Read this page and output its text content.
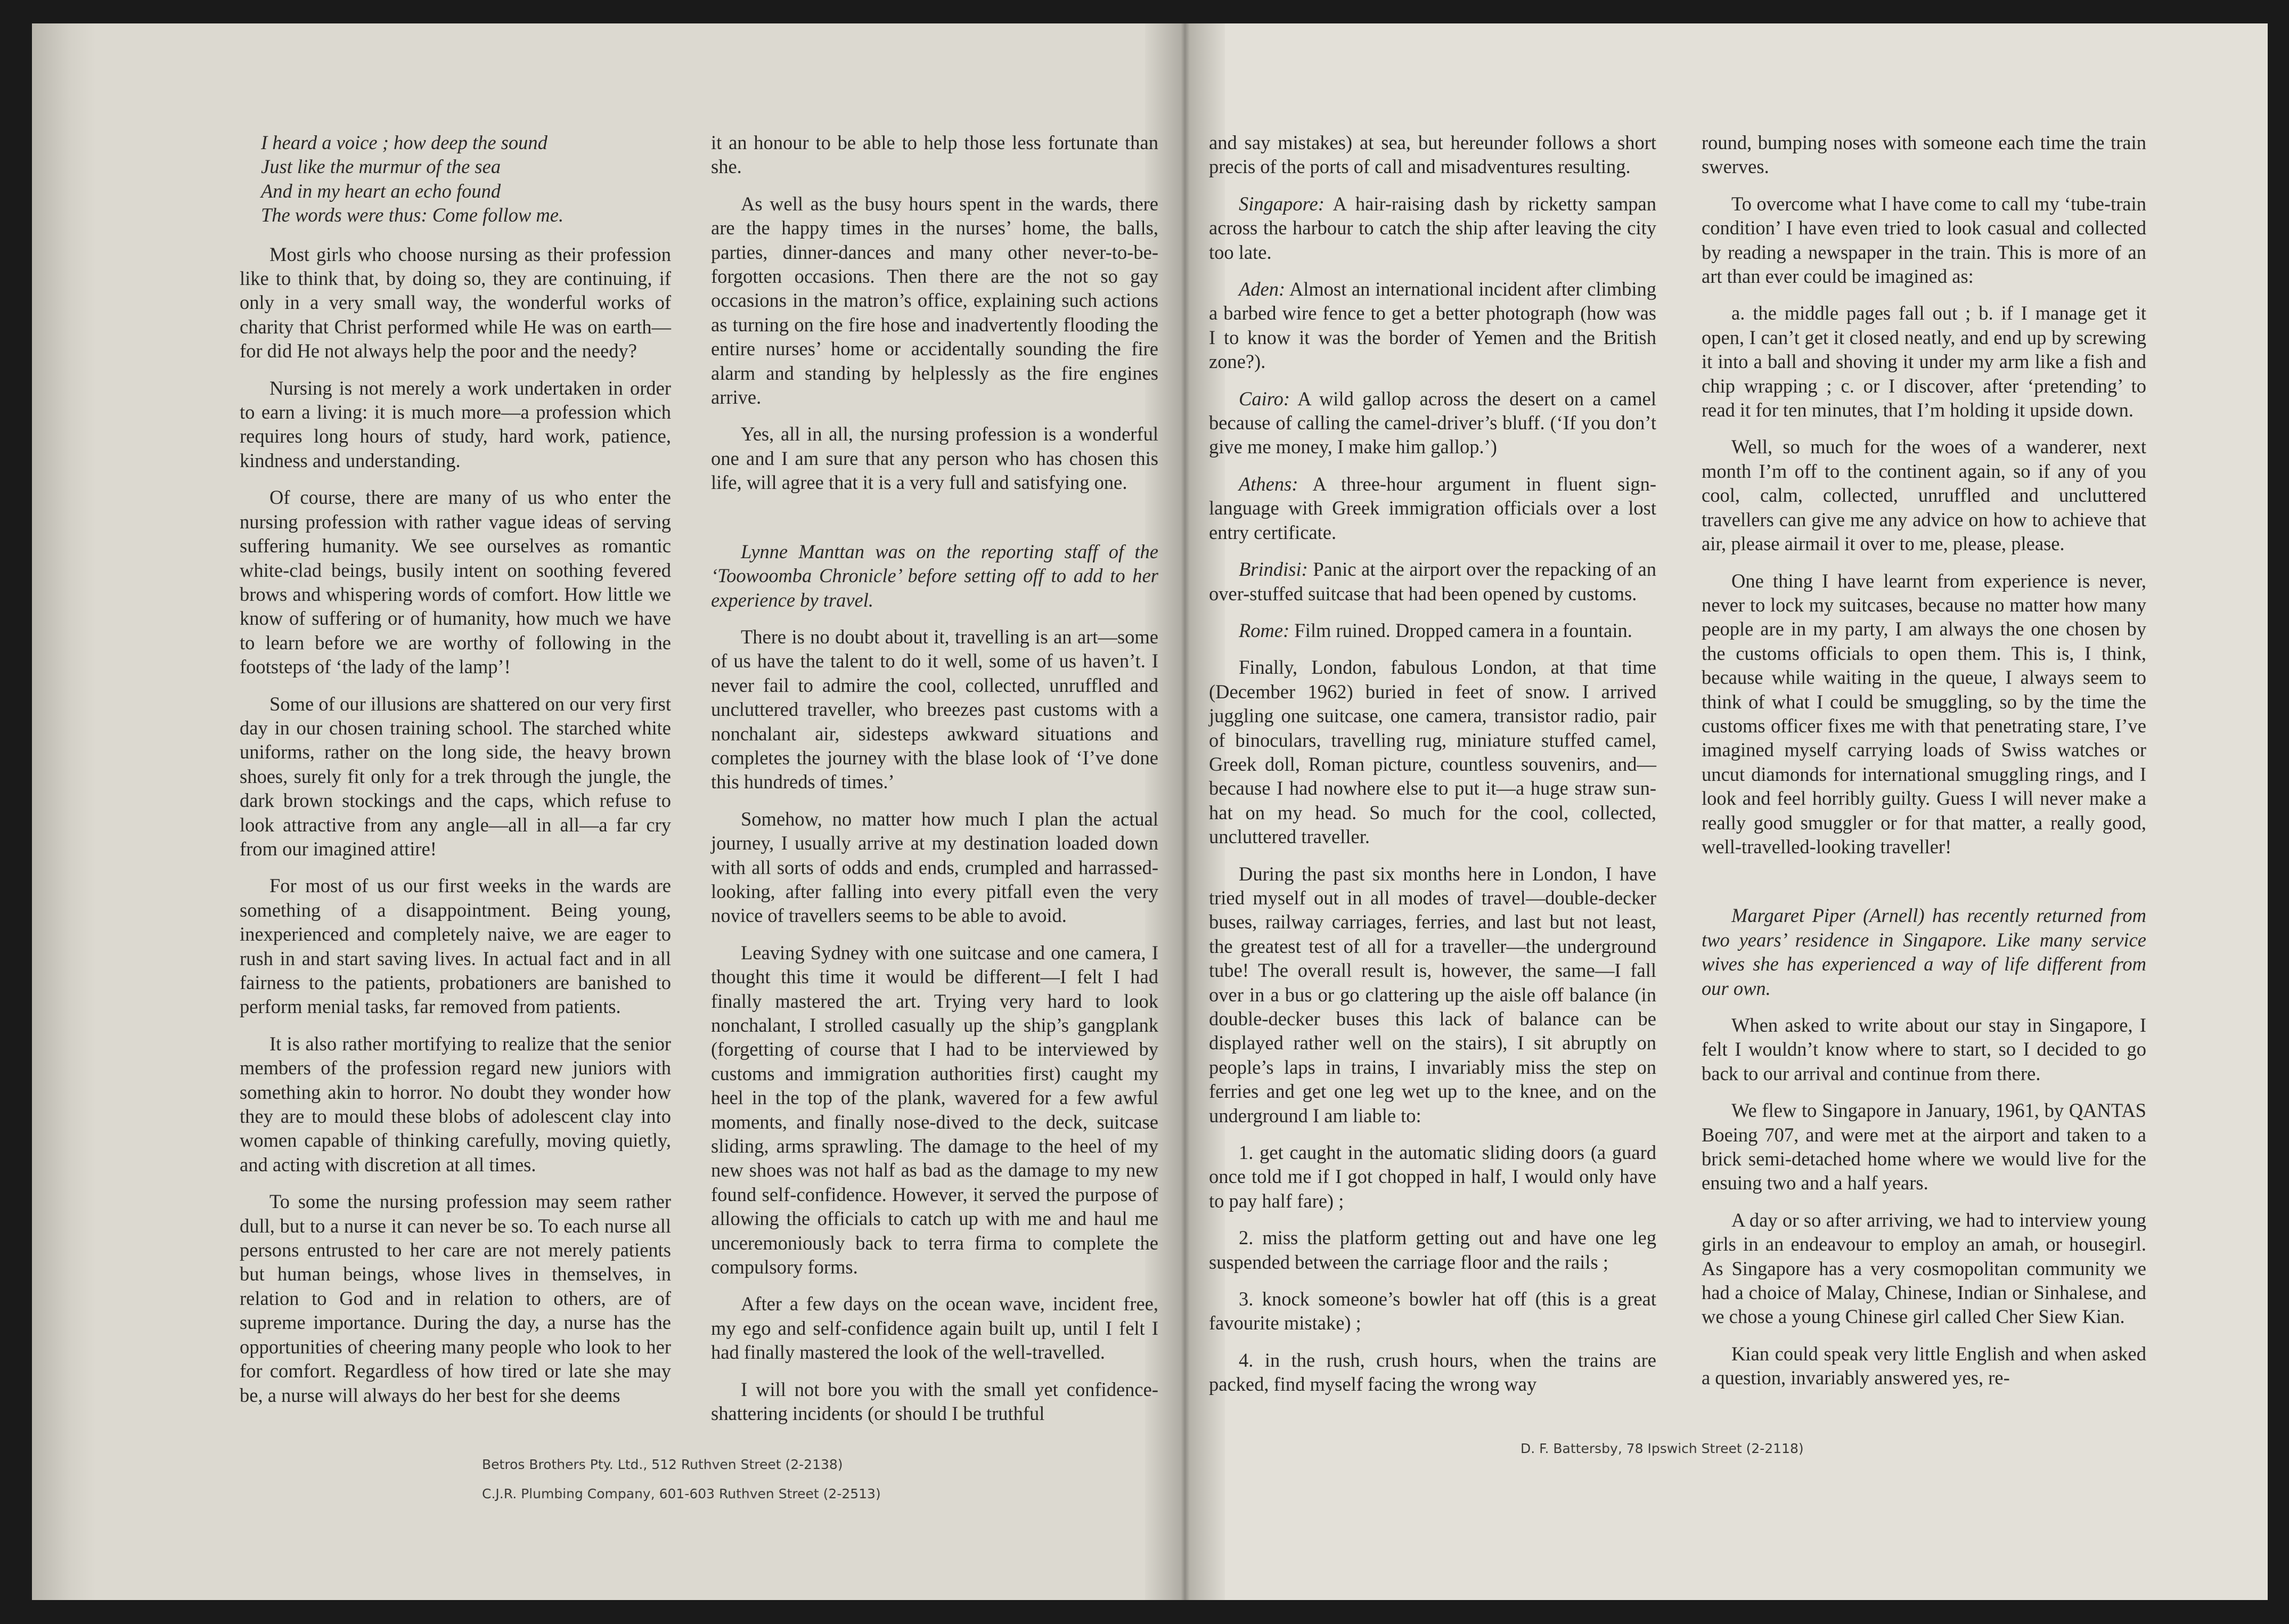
I heard a voice ; how deep the sound
Just like the murmur of the sea
And in my heart an echo found
The words were thus: Come follow me.

Most girls who choose nursing as their profession like to think that, by doing so, they are continuing, if only in a very small way, the wonderful works of charity that Christ performed while He was on earth—for did He not always help the poor and the needy?

Nursing is not merely a work undertaken in order to earn a living: it is much more—a profession which requires long hours of study, hard work, patience, kindness and understanding.

Of course, there are many of us who enter the nursing profession with rather vague ideas of serving suffering humanity. We see ourselves as romantic white-clad beings, busily intent on soothing fevered brows and whispering words of comfort. How little we know of suffering or of humanity, how much we have to learn before we are worthy of following in the footsteps of ‘the lady of the lamp’!

Some of our illusions are shattered on our very first day in our chosen training school. The starched white uniforms, rather on the long side, the heavy brown shoes, surely fit only for a trek through the jungle, the dark brown stockings and the caps, which refuse to look attractive from any angle—all in all—a far cry from our imagined attire!

For most of us our first weeks in the wards are something of a disappointment. Being young, inexperienced and completely naive, we are eager to rush in and start saving lives. In actual fact and in all fairness to the patients, probationers are banished to perform menial tasks, far removed from patients.

It is also rather mortifying to realize that the senior members of the profession regard new juniors with something akin to horror. No doubt they wonder how they are to mould these blobs of adolescent clay into women capable of thinking carefully, moving quietly, and acting with discretion at all times.

To some the nursing profession may seem rather dull, but to a nurse it can never be so. To each nurse all persons entrusted to her care are not merely patients but human beings, whose lives in themselves, in relation to God and in relation to others, are of supreme importance. During the day, a nurse has the opportunities of cheering many people who look to her for comfort. Regardless of how tired or late she may be, a nurse will always do her best for she deems

it an honour to be able to help those less fortunate than she.

As well as the busy hours spent in the wards, there are the happy times in the nurses’ home, the balls, parties, dinner-dances and many other never-to-be-forgotten occasions. Then there are the not so gay occasions in the matron’s office, explaining such actions as turning on the fire hose and inadvertently flooding the entire nurses’ home or accidentally sounding the fire alarm and standing by helplessly as the fire engines arrive.

Yes, all in all, the nursing profession is a wonderful one and I am sure that any person who has chosen this life, will agree that it is a very full and satisfying one.

Lynne Manttan was on the reporting staff of the ‘Toowoomba Chronicle’ before setting off to add to her experience by travel.

There is no doubt about it, travelling is an art—some of us have the talent to do it well, some of us haven’t. I never fail to admire the cool, collected, unruffled and uncluttered traveller, who breezes past customs with a nonchalant air, sidesteps awkward situations and completes the journey with the blase look of ‘I’ve done this hundreds of times.’

Somehow, no matter how much I plan the actual journey, I usually arrive at my destination loaded down with all sorts of odds and ends, crumpled and harrassed-looking, after falling into every pitfall even the very novice of travellers seems to be able to avoid.

Leaving Sydney with one suitcase and one camera, I thought this time it would be different—I felt I had finally mastered the art. Trying very hard to look nonchalant, I strolled casually up the ship’s gangplank (forgetting of course that I had to be interviewed by customs and immigration authorities first) caught my heel in the top of the plank, wavered for a few awful moments, and finally nose-dived to the deck, suitcase sliding, arms sprawling. The damage to the heel of my new shoes was not half as bad as the damage to my new found self-confidence. However, it served the purpose of allowing the officials to catch up with me and haul me unceremoniously back to terra firma to complete the compulsory forms.

After a few days on the ocean wave, incident free, my ego and self-confidence again built up, until I felt I had finally mastered the look of the well-travelled.

I will not bore you with the small yet confidence-shattering incidents (or should I be truthful

Betros Brothers Pty. Ltd., 512 Ruthven Street (2-2138)
C.J.R. Plumbing Company, 601-603 Ruthven Street (2-2513)

and say mistakes) at sea, but hereunder follows a short precis of the ports of call and misadventures resulting.

Singapore: A hair-raising dash by ricketty sampan across the harbour to catch the ship after leaving the city too late.

Aden: Almost an international incident after climbing a barbed wire fence to get a better photograph (how was I to know it was the border of Yemen and the British zone?).

Cairo: A wild gallop across the desert on a camel because of calling the camel-driver’s bluff. (‘If you don’t give me money, I make him gallop.’)

Athens: A three-hour argument in fluent sign-language with Greek immigration officials over a lost entry certificate.

Brindisi: Panic at the airport over the repacking of an over-stuffed suitcase that had been opened by customs.

Rome: Film ruined. Dropped camera in a fountain.

Finally, London, fabulous London, at that time (December 1962) buried in feet of snow. I arrived juggling one suitcase, one camera, transistor radio, pair of binoculars, travelling rug, miniature stuffed camel, Greek doll, Roman picture, countless souvenirs, and—because I had nowhere else to put it—a huge straw sun-hat on my head. So much for the cool, collected, uncluttered traveller.

During the past six months here in London, I have tried myself out in all modes of travel—double-decker buses, railway carriages, ferries, and last but not least, the greatest test of all for a traveller—the underground tube! The overall result is, however, the same—I fall over in a bus or go clattering up the aisle off balance (in double-decker buses this lack of balance can be displayed rather well on the stairs), I sit abruptly on people’s laps in trains, I invariably miss the step on ferries and get one leg wet up to the knee, and on the underground I am liable to:

1. get caught in the automatic sliding doors (a guard once told me if I got chopped in half, I would only have to pay half fare) ;

2. miss the platform getting out and have one leg suspended between the carriage floor and the rails ;

3. knock someone’s bowler hat off (this is a great favourite mistake) ;

4. in the rush, crush hours, when the trains are packed, find myself facing the wrong way

round, bumping noses with someone each time the train swerves.

To overcome what I have come to call my ‘tube-train condition’ I have even tried to look casual and collected by reading a newspaper in the train. This is more of an art than ever could be imagined as:

a. the middle pages fall out ; b. if I manage get it open, I can’t get it closed neatly, and end up by screwing it into a ball and shoving it under my arm like a fish and chip wrapping ; c. or I discover, after ‘pretending’ to read it for ten minutes, that I’m holding it upside down.

Well, so much for the woes of a wanderer, next month I’m off to the continent again, so if any of you cool, calm, collected, unruffled and uncluttered travellers can give me any advice on how to achieve that air, please airmail it over to me, please, please.

One thing I have learnt from experience is never, never to lock my suitcases, because no matter how many people are in my party, I am always the one chosen by the customs officials to open them. This is, I think, because while waiting in the queue, I always seem to think of what I could be smuggling, so by the time the customs officer fixes me with that penetrating stare, I’ve imagined myself carrying loads of Swiss watches or uncut diamonds for international smuggling rings, and I look and feel horribly guilty. Guess I will never make a really good smuggler or for that matter, a really good, well-travelled-looking traveller!

Margaret Piper (Arnell) has recently returned from two years’ residence in Singapore. Like many service wives she has experienced a way of life different from our own.

When asked to write about our stay in Singapore, I felt I wouldn’t know where to start, so I decided to go back to our arrival and continue from there.

We flew to Singapore in January, 1961, by QANTAS Boeing 707, and were met at the airport and taken to a brick semi-detached home where we would live for the ensuing two and a half years.

A day or so after arriving, we had to interview young girls in an endeavour to employ an amah, or housegirl. As Singapore has a very cosmopolitan community we had a choice of Malay, Chinese, Indian or Sinhalese, and we chose a young Chinese girl called Cher Siew Kian.

Kian could speak very little English and when asked a question, invariably answered yes, re-

D. F. Battersby, 78 Ipswich Street (2-2118)
